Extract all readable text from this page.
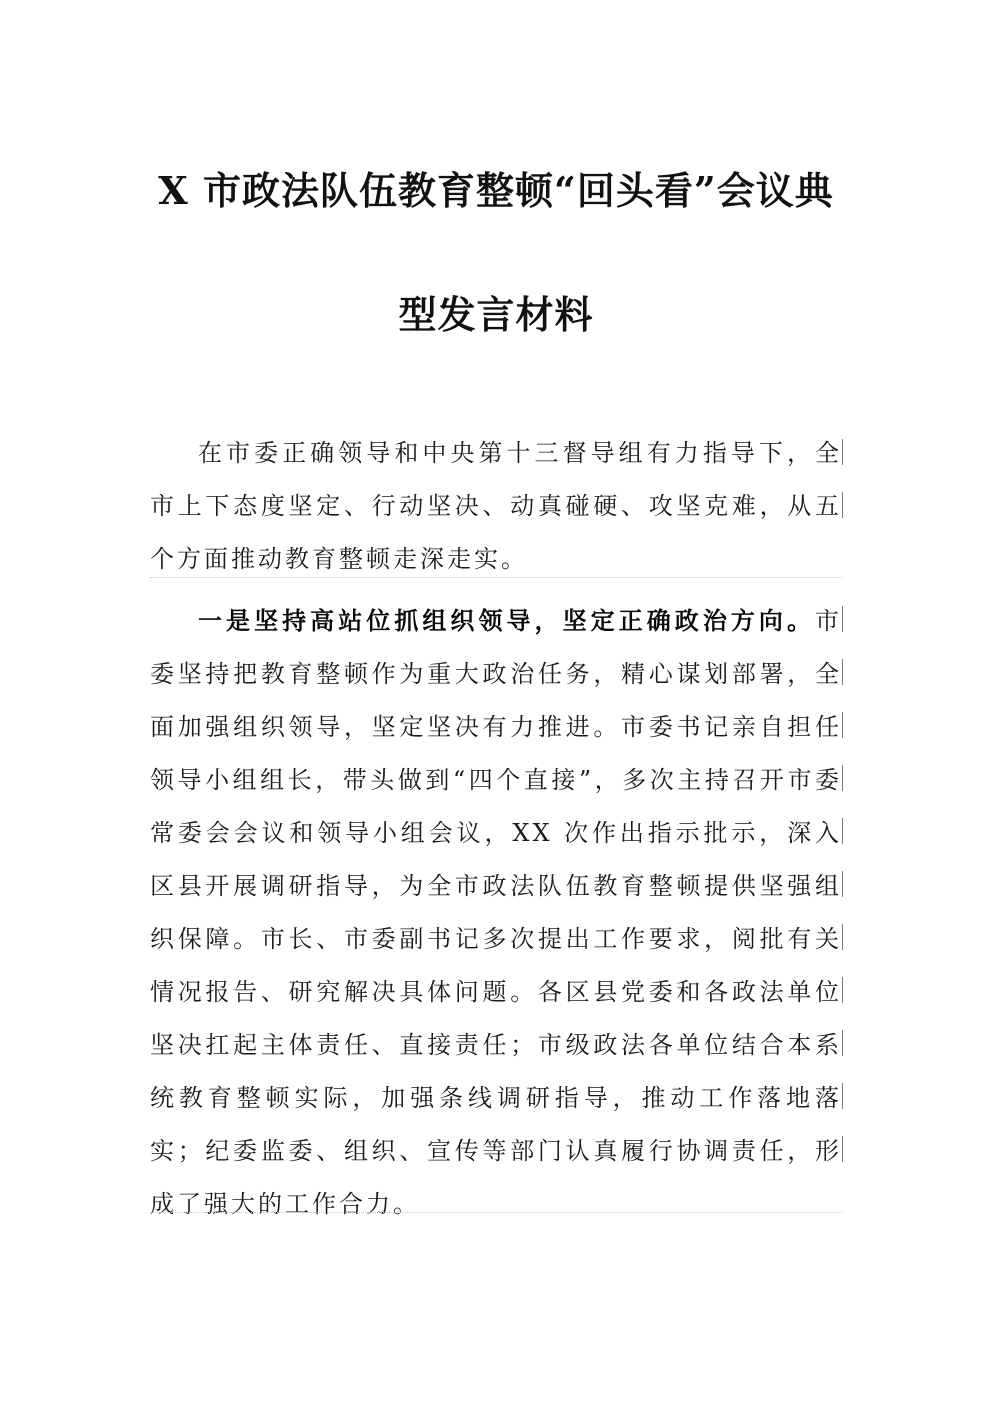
X 市政法队伍教育整顿“回头看”会议典
型发言材料

在市委正确领导和中央第十三督导组有力指导下，全市上下态度坚定、行动坚决、动真碰硬、攻坚克难，从五个方面推动教育整顿走深走实。

一是坚持高站位抓组织领导，坚定正确政治方向。市委坚持把教育整顿作为重大政治任务，精心谋划部署，全面加强组织领导，坚定坚决有力推进。市委书记亲自担任领导小组组长，带头做到“四个直接”，多次主持召开市委常委会会议和领导小组会议，XX 次作出指示批示，深入区县开展调研指导，为全市政法队伍教育整顿提供坚强组织保障。市长、市委副书记多次提出工作要求，阅批有关情况报告、研究解决具体问题。各区县党委和各政法单位坚决扛起主体责任、直接责任；市级政法各单位结合本系统教育整顿实际，加强条线调研指导，推动工作落地落实；纪委监委、组织、宣传等部门认真履行协调责任，形成了强大的工作合力。
